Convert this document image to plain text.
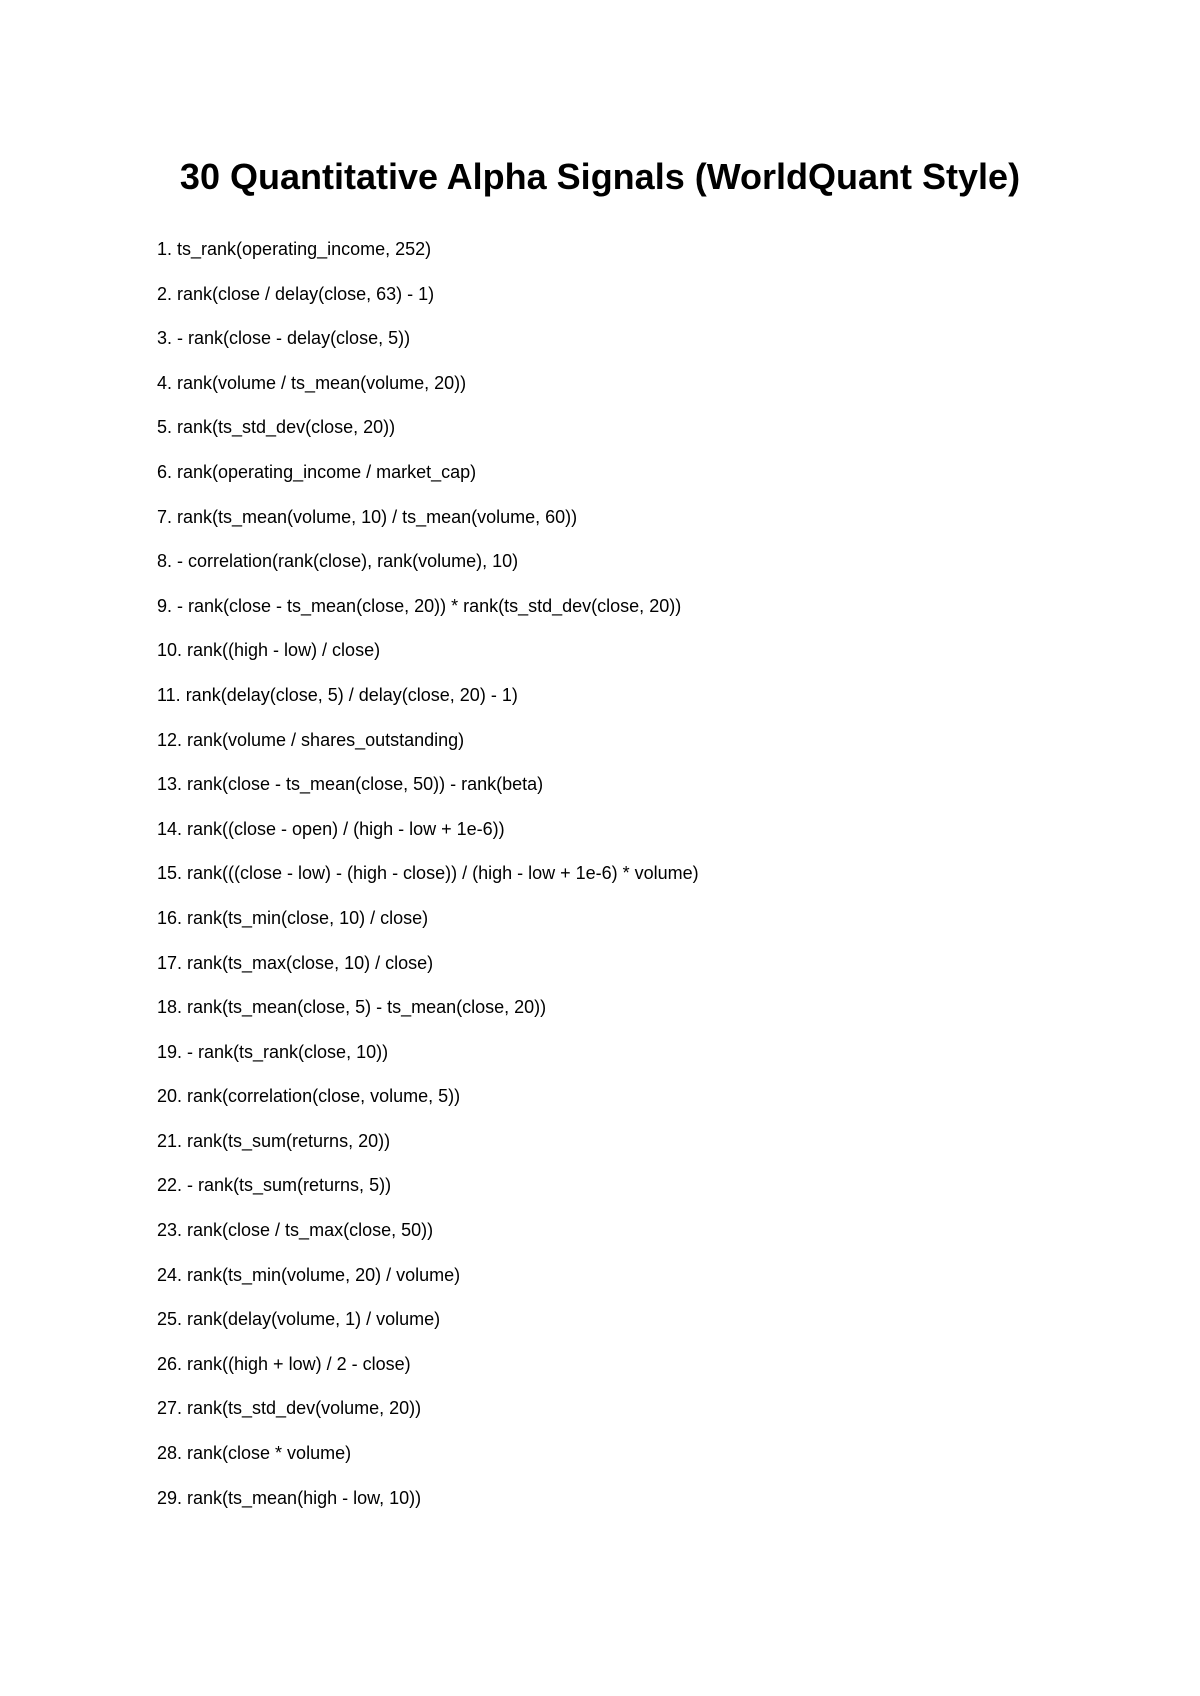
30 Quantitative Alpha Signals (WorldQuant Style)
1. ts_rank(operating_income, 252)
2. rank(close / delay(close, 63) - 1)
3. - rank(close - delay(close, 5))
4. rank(volume / ts_mean(volume, 20))
5. rank(ts_std_dev(close, 20))
6. rank(operating_income / market_cap)
7. rank(ts_mean(volume, 10) / ts_mean(volume, 60))
8. - correlation(rank(close), rank(volume), 10)
9. - rank(close - ts_mean(close, 20)) * rank(ts_std_dev(close, 20))
10. rank((high - low) / close)
11. rank(delay(close, 5) / delay(close, 20) - 1)
12. rank(volume / shares_outstanding)
13. rank(close - ts_mean(close, 50)) - rank(beta)
14. rank((close - open) / (high - low + 1e-6))
15. rank(((close - low) - (high - close)) / (high - low + 1e-6) * volume)
16. rank(ts_min(close, 10) / close)
17. rank(ts_max(close, 10) / close)
18. rank(ts_mean(close, 5) - ts_mean(close, 20))
19. - rank(ts_rank(close, 10))
20. rank(correlation(close, volume, 5))
21. rank(ts_sum(returns, 20))
22. - rank(ts_sum(returns, 5))
23. rank(close / ts_max(close, 50))
24. rank(ts_min(volume, 20) / volume)
25. rank(delay(volume, 1) / volume)
26. rank((high + low) / 2 - close)
27. rank(ts_std_dev(volume, 20))
28. rank(close * volume)
29. rank(ts_mean(high - low, 10))
